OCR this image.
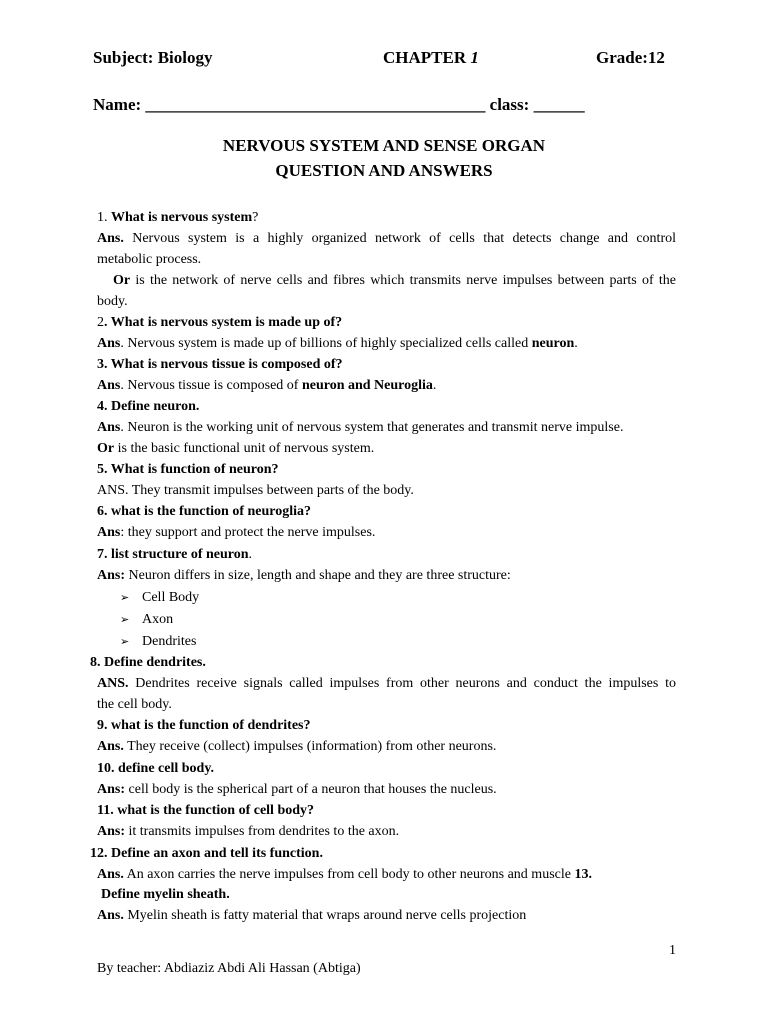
Subject: Biology	CHAPTER 1	Grade:12
Name: ________________________________________ class: ______
NERVOUS SYSTEM AND SENSE ORGAN
QUESTION AND ANSWERS
1. What is nervous system?
Ans. Nervous system is a highly organized network of cells that detects change and control
metabolic process.
Or is the network of nerve cells and fibres which transmits nerve impulses between parts of the
body.
2. What is nervous system is made up of?
Ans. Nervous system is made up of billions of highly specialized cells called neuron.
3. What is nervous tissue is composed of?
Ans. Nervous tissue is composed of neuron and Neuroglia.
4. Define neuron.
Ans. Neuron is the working unit of nervous system that generates and transmit nerve impulse.
Or is the basic functional unit of nervous system.
5. What is function of neuron?
ANS. They transmit impulses between parts of the body.
6. what is the function of neuroglia?
Ans: they support and protect the nerve impulses.
7. list structure of neuron.
Ans: Neuron differs in size, length and shape and they are three structure:
➢ Cell Body
➢ Axon
➢ Dendrites
8. Define dendrites.
ANS. Dendrites receive signals called impulses from other neurons and conduct the impulses to
the cell body.
9. what is the function of dendrites?
Ans. They receive (collect) impulses (information) from other neurons.
10. define cell body.
Ans: cell body is the spherical part of a neuron that houses the nucleus.
11. what is the function of cell body?
Ans: it transmits impulses from dendrites to the axon.
12. Define an axon and tell its function.
Ans. An axon carries the nerve impulses from cell body to other neurons and muscle 13.
Define myelin sheath.
Ans. Myelin sheath is fatty material that wraps around nerve cells projection
1
By teacher: Abdiaziz Abdi Ali Hassan (Abtiga)
